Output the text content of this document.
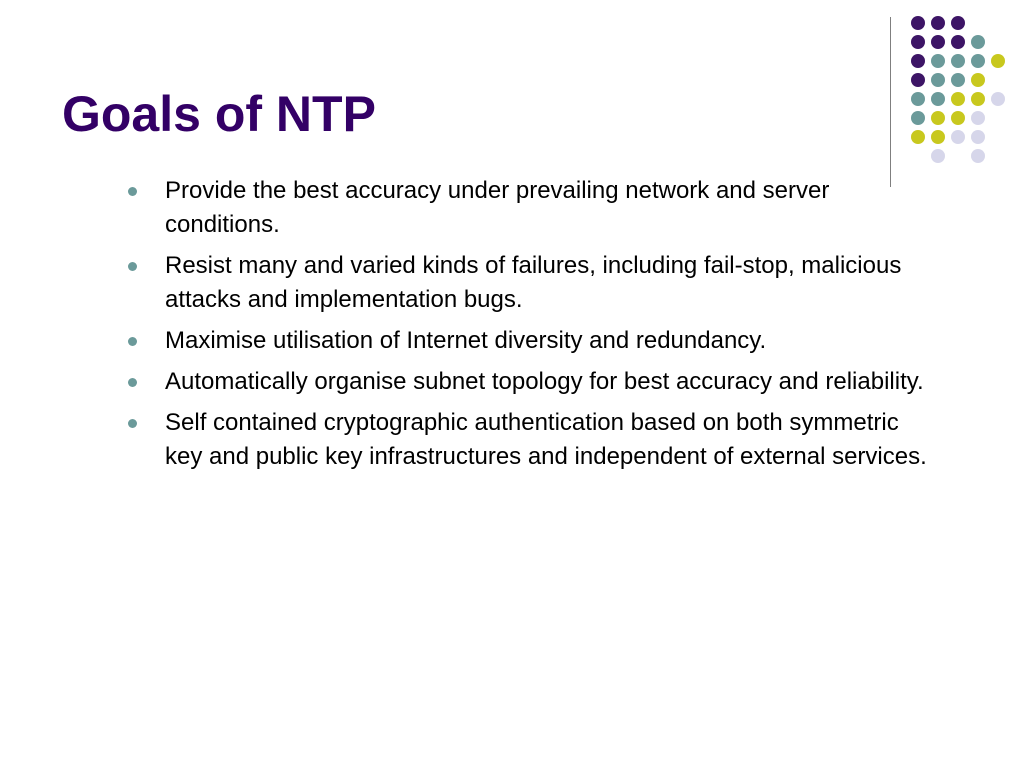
Goals of NTP
Provide the best accuracy under prevailing network and server conditions.
Resist many and varied kinds of failures, including fail-stop, malicious attacks and implementation bugs.
Maximise utilisation of Internet diversity and redundancy.
Automatically organise subnet topology for best accuracy and reliability.
Self contained cryptographic authentication based on both symmetric key and public key infrastructures and independent of external services.
